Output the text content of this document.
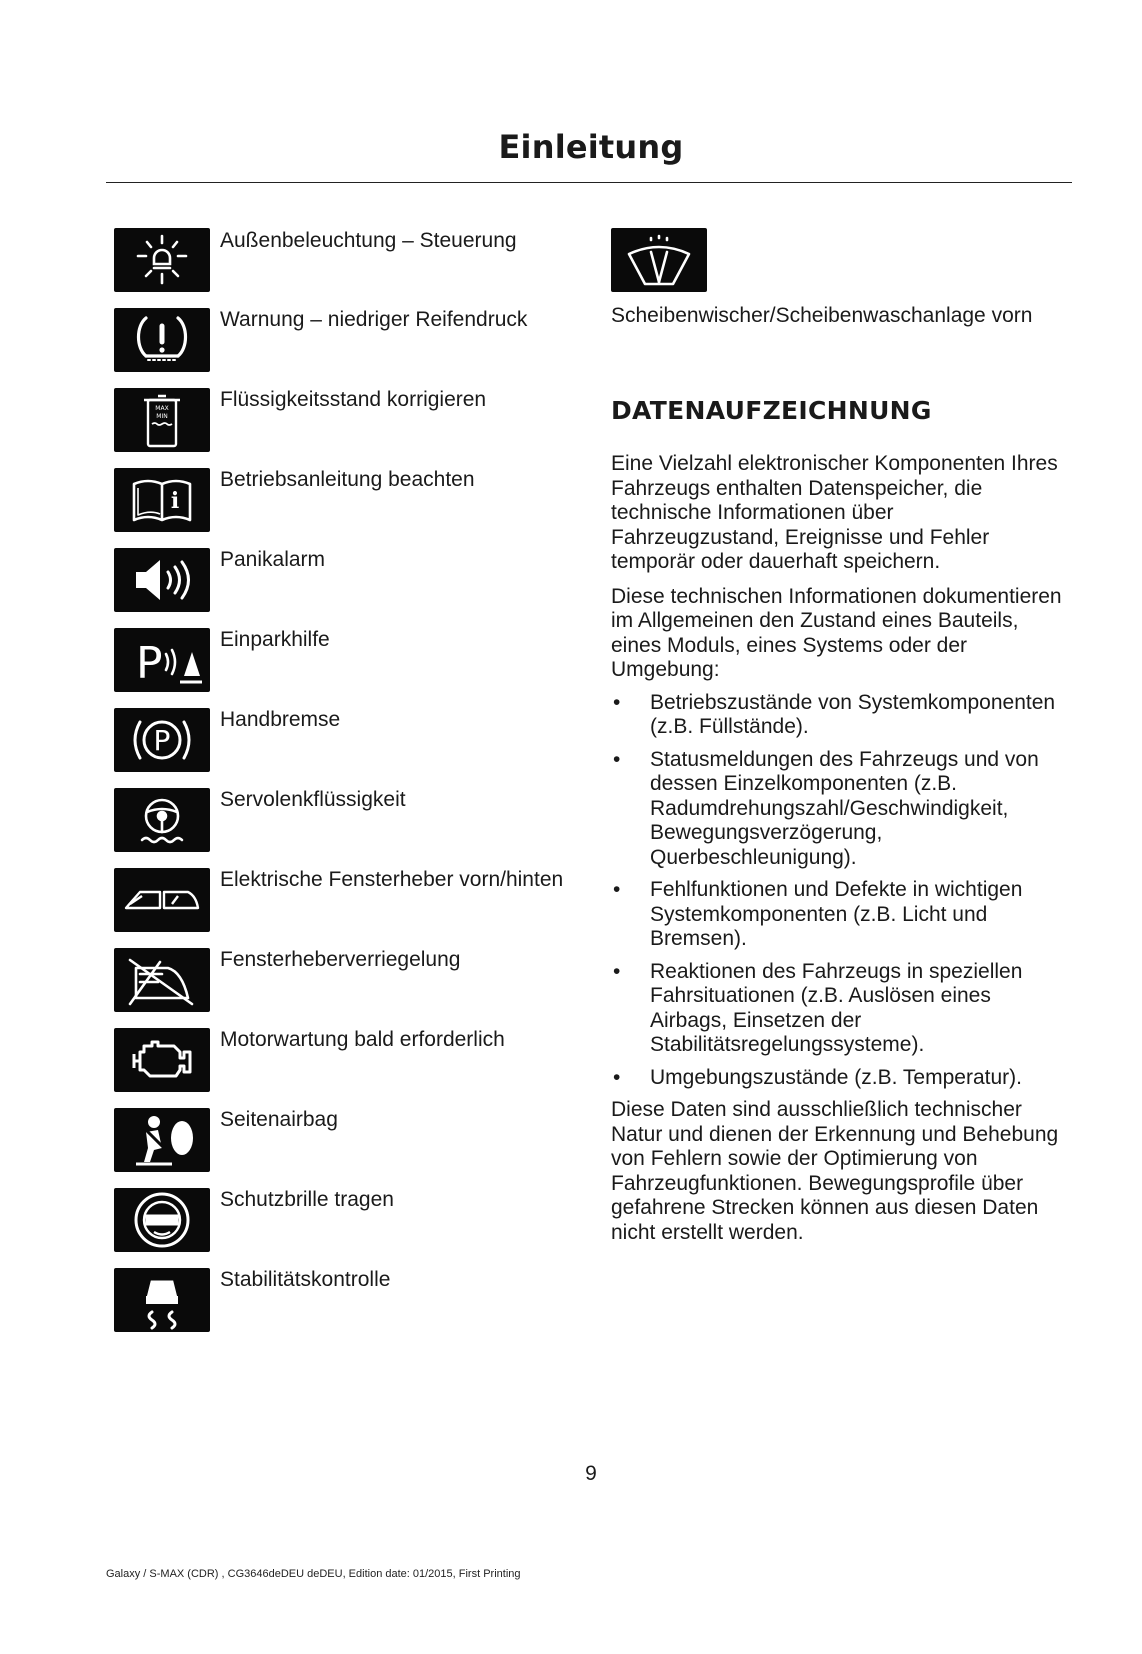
Einleitung
Außenbeleuchtung – Steuerung
Warnung – niedriger Reifendruck
MAX
MIN
Flüssigkeitsstand korrigieren
i
Betriebsanleitung beachten
Panikalarm
P	Einparkhilfe
P
Handbremse
Servolenkflüssigkeit
Elektrische Fensterheber vorn/hinten
Fensterheberverriegelung
Motorwartung bald erforderlich
Seitenairbag
Schutzbrille tragen
Stabilitätskontrolle
Scheibenwischer/Scheibenwaschanlage vorn
DATENAUFZEICHNUNG

Eine Vielzahl elektronischer Komponenten Ihres Fahrzeugs enthalten Datenspeicher, die technische Informationen über Fahrzeugzustand, Ereignisse und Fehler temporär oder dauerhaft speichern.

Diese technischen Informationen dokumentieren im Allgemeinen den Zustand eines Bauteils, eines Moduls, eines Systems oder der Umgebung:

• Betriebszustände von Systemkomponenten (z.B. Füllstände).
• Statusmeldungen des Fahrzeugs und von dessen Einzelkomponenten (z.B. Radumdrehungszahl/Geschwindigkeit, Bewegungsverzögerung, Querbeschleunigung).
• Fehlfunktionen und Defekte in wichtigen Systemkomponenten (z.B. Licht und Bremsen).
• Reaktionen des Fahrzeugs in speziellen Fahrsituationen (z.B. Auslösen eines Airbags, Einsetzen der Stabilitätsregelungssysteme).
• Umgebungszustände (z.B. Temperatur).

Diese Daten sind ausschließlich technischer Natur und dienen der Erkennung und Behebung von Fehlern sowie der Optimierung von Fahrzeugfunktionen. Bewegungsprofile über gefahrene Strecken können aus diesen Daten nicht erstellt werden.

9
Galaxy / S-MAX (CDR) , CG3646deDEU deDEU, Edition date: 01/2015, First Printing
